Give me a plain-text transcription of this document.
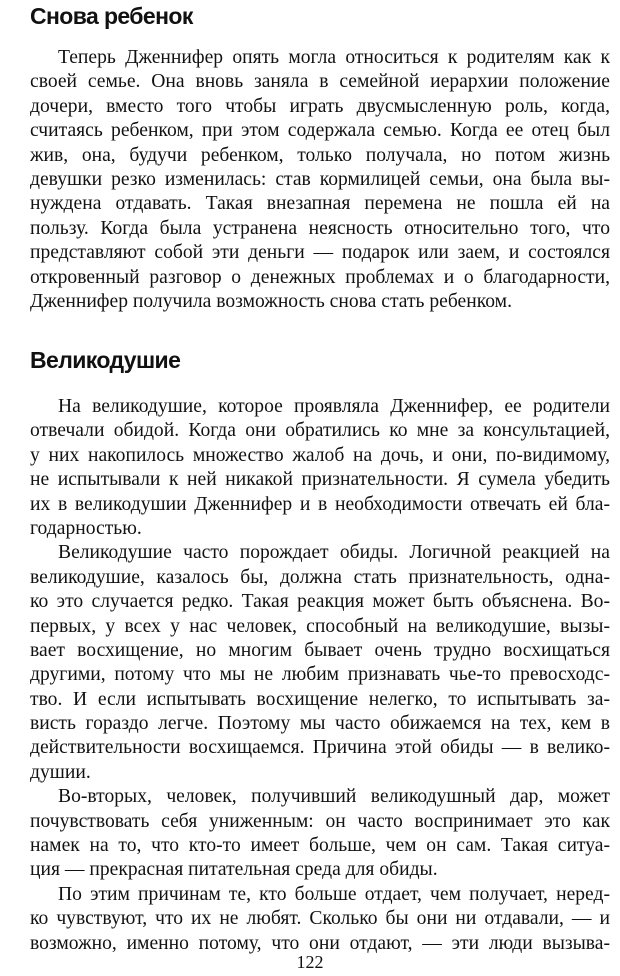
Снова ребенок
Теперь Дженнифер опять могла относиться к родителям как к
своей семье. Она вновь заняла в семейной иерархии положение
дочери, вместо того чтобы играть двусмысленную роль, когда,
считаясь ребенком, при этом содержала семью. Когда ее отец был
жив, она, будучи ребенком, только получала, но потом жизнь
девушки резко изменилась: став кормилицей семьи, она была вы-
нуждена отдавать. Такая внезапная перемена не пошла ей на
пользу. Когда была устранена неясность относительно того, что
представляют собой эти деньги — подарок или заем, и состоялся
откровенный разговор о денежных проблемах и о благодарности,
Дженнифер получила возможность снова стать ребенком.
Великодушие
На великодушие, которое проявляла Дженнифер, ее родители
отвечали обидой. Когда они обратились ко мне за консультацией,
у них накопилось множество жалоб на дочь, и они, по-видимому,
не испытывали к ней никакой признательности. Я сумела убедить
их в великодушии Дженнифер и в необходимости отвечать ей бла-
годарностью.
Великодушие часто порождает обиды. Логичной реакцией на
великодушие, казалось бы, должна стать признательность, одна-
ко это случается редко. Такая реакция может быть объяснена. Во-
первых, у всех у нас человек, способный на великодушие, вызы-
вает восхищение, но многим бывает очень трудно восхищаться
другими, потому что мы не любим признавать чье-то превосходс-
тво. И если испытывать восхищение нелегко, то испытывать за-
висть гораздо легче. Поэтому мы часто обижаемся на тех, кем в
действительности восхищаемся. Причина этой обиды — в велико-
душии.
Во-вторых, человек, получивший великодушный дар, может
почувствовать себя униженным: он часто воспринимает это как
намек на то, что кто-то имеет больше, чем он сам. Такая ситуа-
ция — прекрасная питательная среда для обиды.
По этим причинам те, кто больше отдает, чем получает, неред-
ко чувствуют, что их не любят. Сколько бы они ни отдавали, — и
возможно, именно потому, что они отдают, — эти люди вызыва-
122
